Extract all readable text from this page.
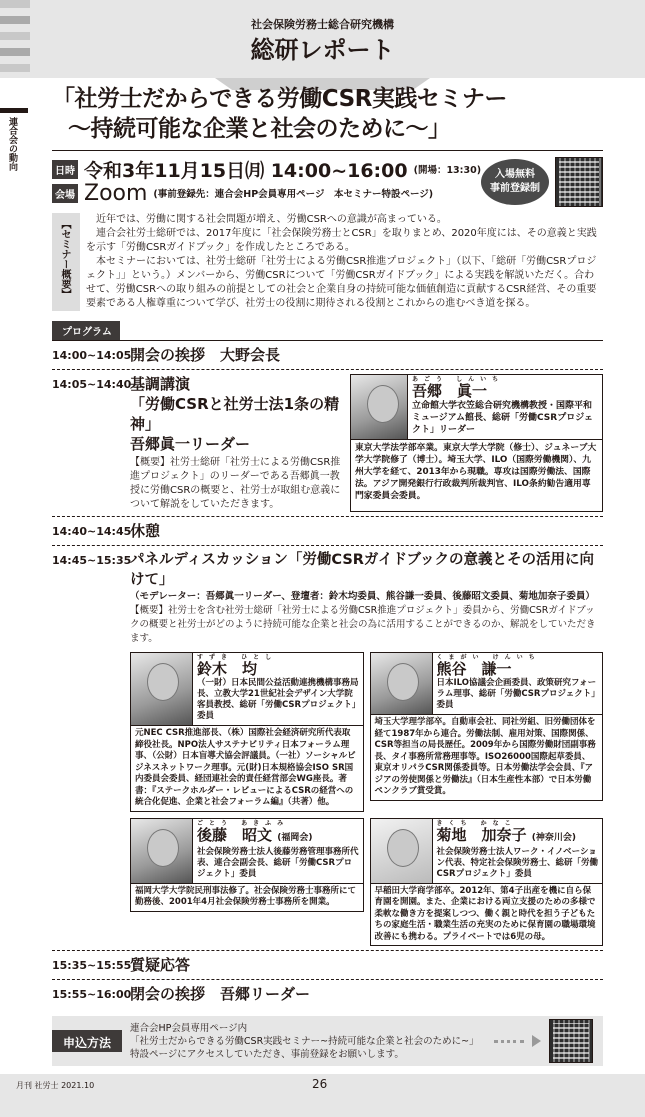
社会保険労務士総合研究機構
総研レポート
連合会の動向
「社労士だからできる労働CSR実践セミナー
～持続可能な企業と社会のために～」
日時 令和3年11月15日㈪ 14:00~16:00 (開場：13:30)
会場 Zoom (事前登録先：連合会HP会員専用ページ　本セミナー特設ページ)
入場無料
事前登録制
【セミナー概要】	近年では、労働に関する社会問題が増え、労働CSRへの意識が高まっている。

連合会社労士総研では、2017年度に「社会保険労務士とCSR」を取りまとめ、2020年度には、その意義と実践を示す「労働CSRガイドブック」を作成したところである。

本セミナーにおいては、社労士総研「社労士による労働CSR推進プロジェクト」（以下、「総研「労働CSRプロジェクト」」という。）メンバーから、労働CSRについて「労働CSRガイドブック」による実践を解説いただく。合わせて、労働CSRへの取り組みの前提としての社会と企業自身の持続可能な価値創造に貢献するCSR経営、その重要要素である人権尊重について学び、社労士の役割に期待される役割とこれからの進むべき道を探る。

プログラム
14:00~14:05
開会の挨拶　大野会長
14:05~14:40
基調講演
「労働CSRと社労士法1条の精神」
吾郷眞一リーダー
【概要】社労士総研「社労士による労働CSR推進プロジェクト」のリーダーである吾郷眞一教授に労働CSRの概要と、社労士が取組む意義について解説をしていただきます。
あごう しんいち
吾郷　眞一
立命館大学衣笠総合研究機構教授・国際平和ミュージアム館長、総研「労働CSRプロジェクト」リーダー
東京大学法学部卒業。東京大学大学院（修士）、ジュネーブ大学大学院修了（博士）。埼玉大学、ILO（国際労働機関）、九州大学を経て、2013年から現職。専攻は国際労働法、国際法。アジア開発銀行行政裁判所裁判官、ILO条約勧告適用専門家委員会委員。
14:40~14:45
休憩
14:45~15:35
パネルディスカッション「労働CSRガイドブックの意義とその活用に向けて」
（モデレーター：吾郷眞一リーダー、登壇者：鈴木均委員、熊谷謙一委員、後藤昭文委員、菊地加奈子委員）
【概要】社労士を含む社労士総研「社労士による労働CSR推進プロジェクト」委員から、労働CSRガイドブックの概要と社労士がどのように持続可能な企業と社会の為に活用することができるのか、解説をしていただきます。
すずき ひとし
鈴木　均
（一財）日本民間公益活動連携機構事務局長、立教大学21世紀社会デザイン大学院客員教授、総研「労働CSRプロジェクト」委員
元NEC CSR推進部長、（株）国際社会経済研究所代表取締役社長。NPO法人サステナビリティ日本フォーラム理事、（公財）日本盲導犬協会評議員。（一社）ソーシャルビジネスネットワーク理事。元(財)日本規格協会ISO SR国内委員会委員、経団連社会的責任経営部会WG座長。著書：『ステークホルダー・レビューによるCSRの経営への統合化促進、企業と社会フォーラム編』（共著）他。
くまがい けんいち
熊谷　謙一
日本ILO協議会企画委員、政策研究フォーラム理事、総研「労働CSRプロジェクト」委員
埼玉大学理学部卒。自動車会社、同社労組、旧労働団体を経て1987年から連合。労働法制、雇用対策、国際関係、CSR等担当の局長歴任。2009年から国際労働財団副事務長、タイ事務所常務理事等。ISO26000国際起草委員、東京オリパラCSR関係委員等。日本労働法学会会員、『アジアの労使関係と労働法』（日本生産性本部）で日本労働ペンクラブ賞受賞。
ごとう あきふみ
後藤　昭文 (福岡会)
社会保険労務士法人後藤労務管理事務所代表、連合会副会長、総研「労働CSRプロジェクト」委員
福岡大学大学院民刑事法修了。社会保険労務士事務所にて勤務後、2001年4月社会保険労務士事務所を開業。
きくち かなこ
菊地　加奈子 (神奈川会)
社会保険労務士法人ワーク・イノベーション代表、特定社会保険労務士、総研「労働CSRプロジェクト」委員
早稲田大学商学部卒。2012年、第4子出産を機に自ら保育園を開園。また、企業における両立支援のための多様で柔軟な働き方を提案しつつ、働く親と時代を担う子どもたちの家庭生活・職業生活の充実のために保育園の職場環境改善にも携わる。プライベートでは6児の母。
15:35~15:55
質疑応答
15:55~16:00
閉会の挨拶　吾郷リーダー
申込方法
連合会HP会員専用ページ内
「社労士だからできる労働CSR実践セミナー~持続可能な企業と社会のために~」
特設ページにアクセスしていただき、事前登録をお願いします。
月刊 社労士 2021.10	26
